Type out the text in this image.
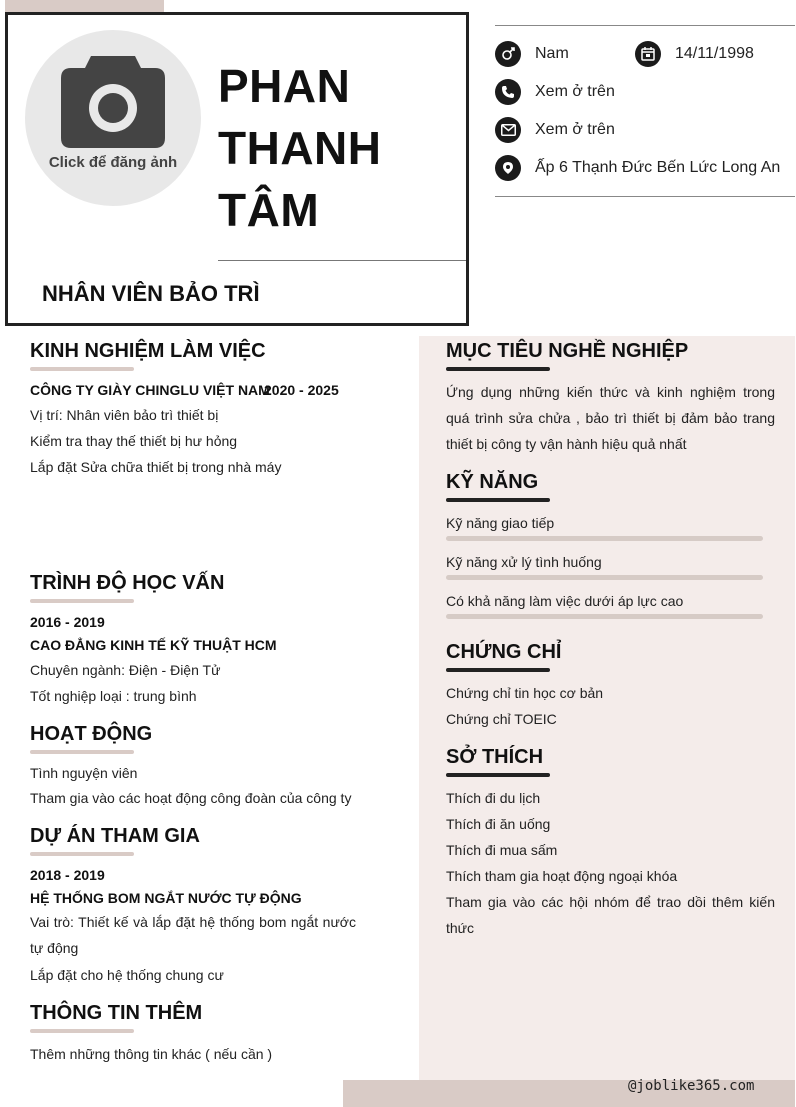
Click để đăng ảnh
PHAN
THANH
TÂM
NHÂN VIÊN BẢO TRÌ
Nam	14/11/1998
Xem ở trên
Xem ở trên
Ấp 6 Thạnh Đức Bến Lức Long An
KINH NGHIỆM LÀM VIỆC
CÔNG TY GIÀY CHINGLU VIỆT NAM
2020 - 2025
Vị trí: Nhân viên bảo trì thiết bị
Kiểm tra thay thế thiết bị hư hỏng
Lắp đặt Sửa chữa thiết bị trong nhà máy
TRÌNH ĐỘ HỌC VẤN
2016 - 2019
CAO ĐẲNG KINH TẾ KỸ THUẬT HCM
Chuyên ngành: Điện - Điện Tử
Tốt nghiệp loại : trung bình
HOẠT ĐỘNG
Tình nguyện viên
Tham gia vào các hoạt động công đoàn của công ty
DỰ ÁN THAM GIA
2018 - 2019
HỆ THỐNG BOM NGẮT NƯỚC TỰ ĐỘNG
Vai trò: Thiết kế và lắp đặt hệ thống bom ngắt nước tự động
Lắp đặt cho hệ thống chung cư
THÔNG TIN THÊM
Thêm những thông tin khác ( nếu cần )
MỤC TIÊU NGHỀ NGHIỆP
Ứng dụng những kiến thức và kinh nghiệm trong quá trình sửa chửa , bảo trì thiết bị đảm bảo trang thiết bị công ty vận hành hiệu quả nhất
KỸ NĂNG
Kỹ năng giao tiếp
Kỹ năng xử lý tình huống
Có khả năng làm việc dưới áp lực cao
CHỨNG CHỈ
Chứng chỉ tin học cơ bản
Chứng chỉ TOEIC
SỞ THÍCH
Thích đi du lịch
Thích đi ăn uống
Thích đi mua sấm
Thích tham gia hoạt động ngoại khóa
Tham gia vào các hội nhóm để trao dồi thêm kiến thức
@joblike365.com
